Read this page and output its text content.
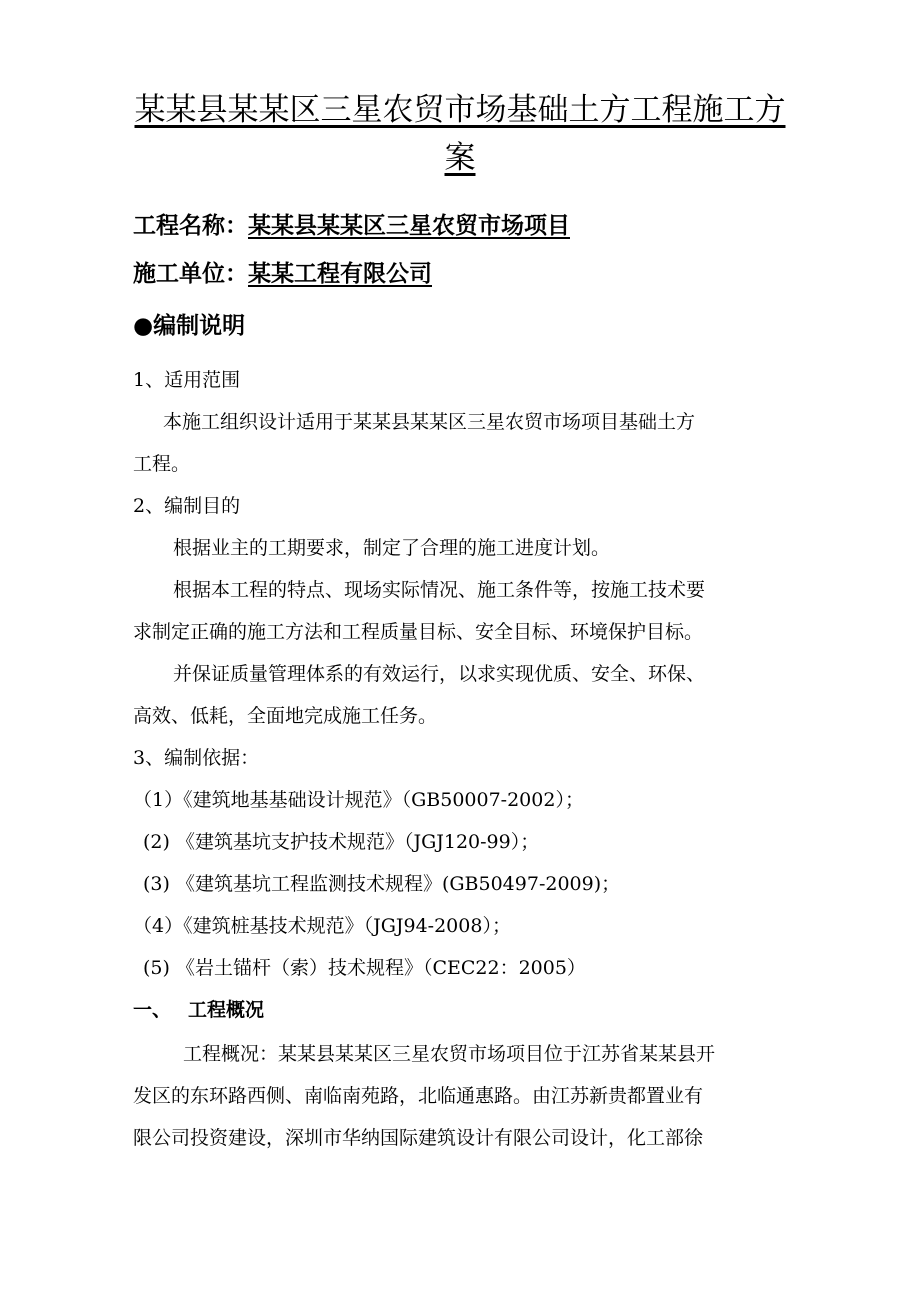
某某县某某区三星农贸市场基础土方工程施工方案
工程名称：某某县某某区三星农贸市场项目
施工单位：某某工程有限公司
●编制说明
1、适用范围
本施工组织设计适用于某某县某某区三星农贸市场项目基础土方
工程。
2、编制目的
根据业主的工期要求，制定了合理的施工进度计划。
根据本工程的特点、现场实际情况、施工条件等，按施工技术要
求制定正确的施工方法和工程质量目标、安全目标、环境保护目标。
并保证质量管理体系的有效运行，以求实现优质、安全、环保、
高效、低耗，全面地完成施工任务。
3、编制依据：
（1）《建筑地基基础设计规范》（GB50007-2002）；
(2) 《建筑基坑支护技术规范》（JGJ120-99）；
(3) 《建筑基坑工程监测技术规程》(GB50497-2009)；
（4）《建筑桩基技术规范》（JGJ94-2008）；
(5) 《岩土锚杆（索）技术规程》（CEC22：2005）
一、 工程概况
工程概况：某某县某某区三星农贸市场项目位于江苏省某某县开
发区的东环路西侧、南临南苑路，北临通惠路。由江苏新贵都置业有
限公司投资建设，深圳市华纳国际建筑设计有限公司设计，化工部徐
